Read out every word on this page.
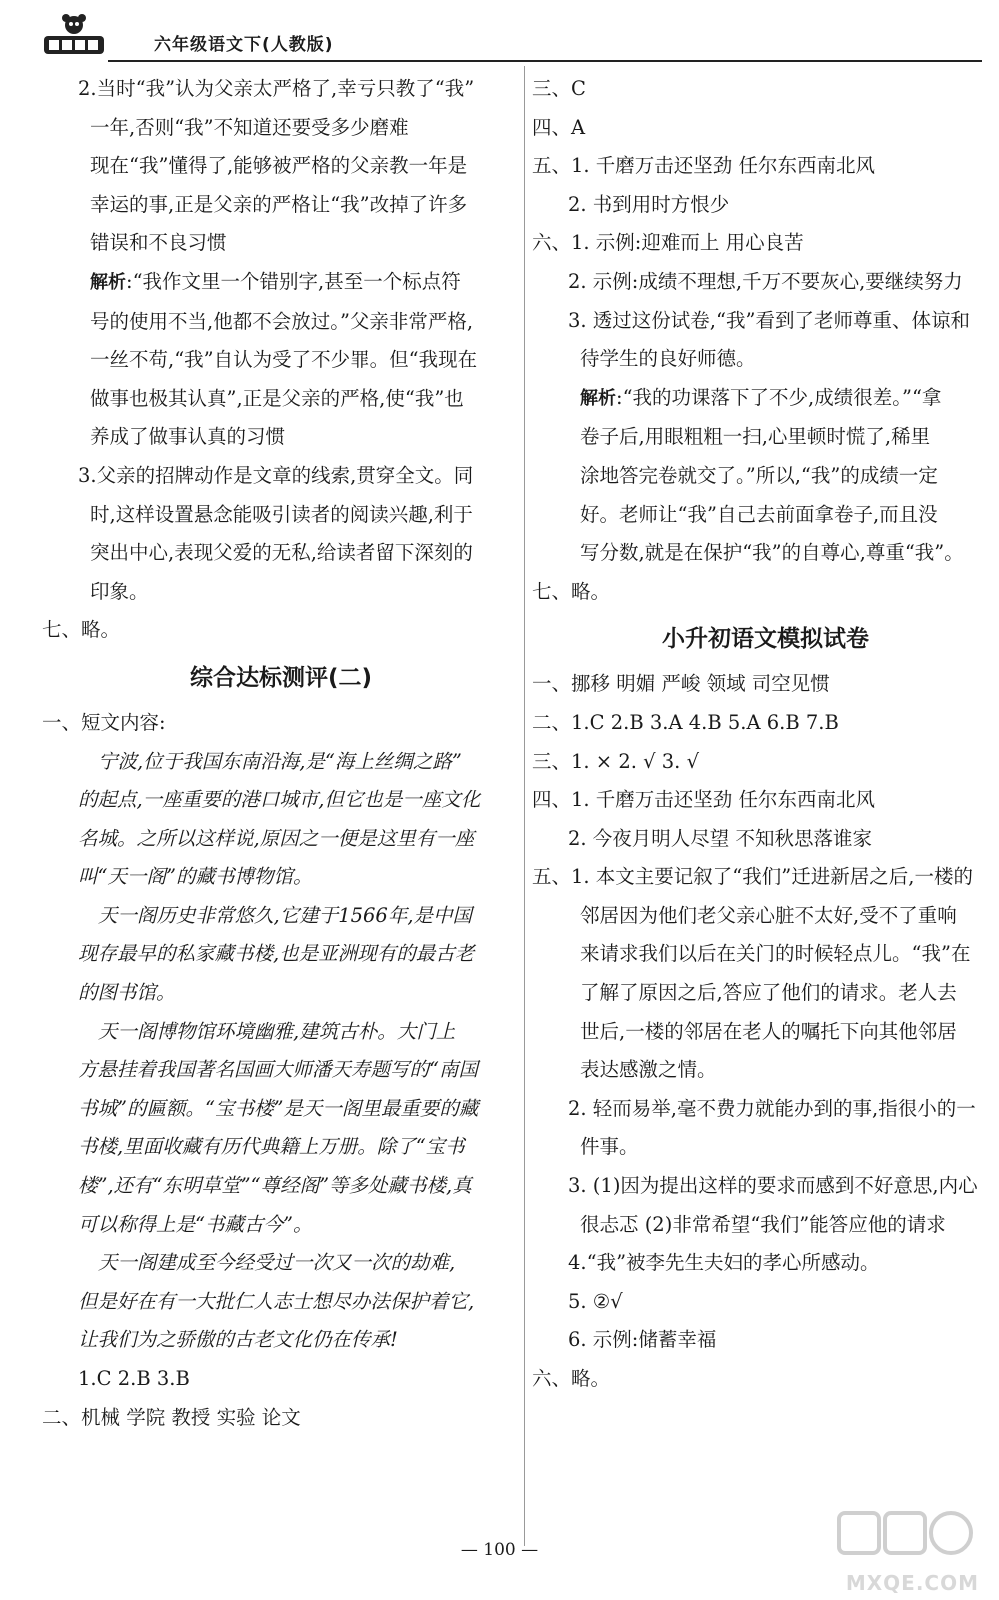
六年级语文下(人教版)
2.当时“我”认为父亲太严格了,幸亏只教了“我”
一年,否则“我”不知道还要受多少磨难
现在“我”懂得了,能够被严格的父亲教一年是
幸运的事,正是父亲的严格让“我”改掉了许多
错误和不良习惯
解析:“我作文里一个错别字,甚至一个标点符
号的使用不当,他都不会放过。”父亲非常严格,
一丝不苟,“我”自认为受了不少罪。但“我现在
做事也极其认真”,正是父亲的严格,使“我”也
养成了做事认真的习惯
3.父亲的招牌动作是文章的线索,贯穿全文。同
时,这样设置悬念能吸引读者的阅读兴趣,利于
突出中心,表现父爱的无私,给读者留下深刻的
印象。
七、略。
综合达标测评(二)
一、短文内容:
宁波,位于我国东南沿海,是“海上丝绸之路”
的起点,一座重要的港口城市,但它也是一座文化
名城。之所以这样说,原因之一便是这里有一座
叫“天一阁”的藏书博物馆。
天一阁历史非常悠久,它建于1566年,是中国
现存最早的私家藏书楼,也是亚洲现有的最古老
的图书馆。
天一阁博物馆环境幽雅,建筑古朴。大门上
方悬挂着我国著名国画大师潘天寿题写的“南国
书城”的匾额。“宝书楼”是天一阁里最重要的藏
书楼,里面收藏有历代典籍上万册。除了“宝书
楼”,还有“东明草堂”“尊经阁”等多处藏书楼,真
可以称得上是“书藏古今”。
天一阁建成至今经受过一次又一次的劫难,
但是好在有一大批仁人志士想尽办法保护着它,
让我们为之骄傲的古老文化仍在传承!
1.C 2.B 3.B
二、机械 学院 教授 实验 论文
三、C
四、A
五、1. 千磨万击还坚劲 任尔东西南北风
2. 书到用时方恨少
六、1. 示例:迎难而上 用心良苦
2. 示例:成绩不理想,千万不要灰心,要继续努力
3. 透过这份试卷,“我”看到了老师尊重、体谅和
待学生的良好师德。
解析:“我的功课落下了不少,成绩很差。”“拿
卷子后,用眼粗粗一扫,心里顿时慌了,稀里
涂地答完卷就交了。”所以,“我”的成绩一定
好。老师让“我”自己去前面拿卷子,而且没
写分数,就是在保护“我”的自尊心,尊重“我”。
七、略。
小升初语文模拟试卷
一、挪移 明媚 严峻 领域 司空见惯
二、1.C 2.B 3.A 4.B 5.A 6.B 7.B
三、1. × 2. √ 3. √
四、1. 千磨万击还坚劲 任尔东西南北风
2. 今夜月明人尽望 不知秋思落谁家
五、1. 本文主要记叙了“我们”迁进新居之后,一楼的
邻居因为他们老父亲心脏不太好,受不了重响
来请求我们以后在关门的时候轻点儿。“我”在
了解了原因之后,答应了他们的请求。老人去
世后,一楼的邻居在老人的嘱托下向其他邻居
表达感激之情。
2. 轻而易举,毫不费力就能办到的事,指很小的一
件事。
3. (1)因为提出这样的要求而感到不好意思,内心
很忐忑 (2)非常希望“我们”能答应他的请求
4.“我”被李先生夫妇的孝心所感动。
5. ②√
6. 示例:储蓄幸福
六、略。
— 100 —
MXQE.COM
